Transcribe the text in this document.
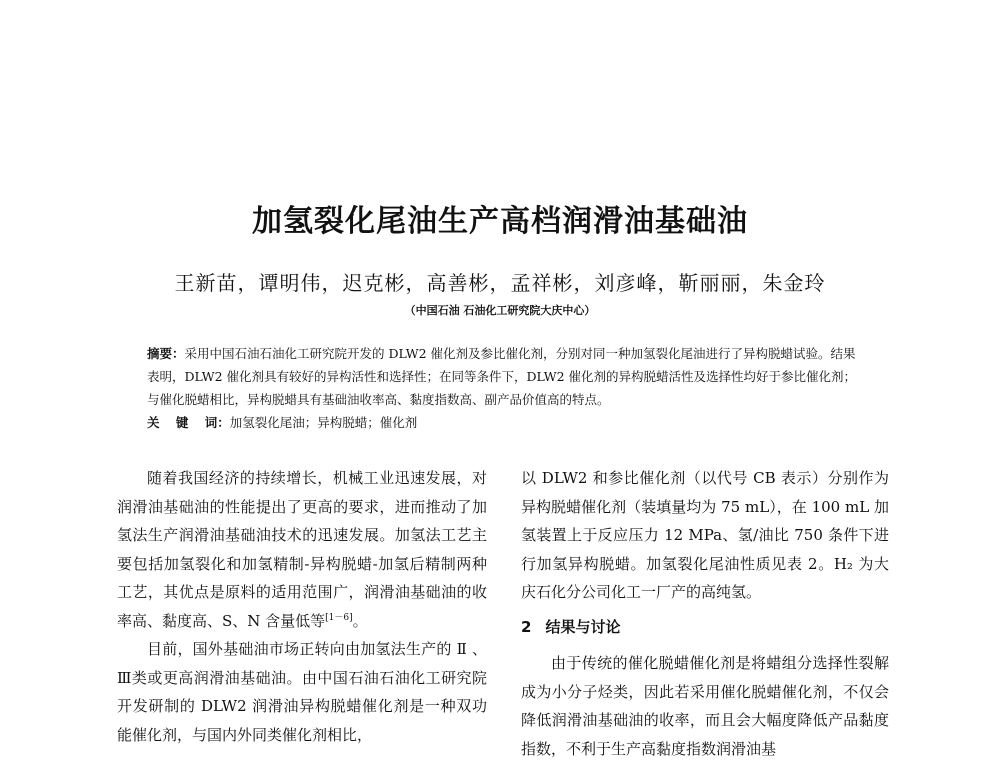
加氢裂化尾油生产高档润滑油基础油
王新苗，谭明伟，迟克彬，高善彬，孟祥彬，刘彦峰，靳丽丽，朱金玲
（中国石油 石油化工研究院大庆中心）
摘要：采用中国石油石油化工研究院开发的 DLW2 催化剂及参比催化剂，分别对同一种加氢裂化尾油进行了异构脱蜡试验。结果表明，DLW2 催化剂具有较好的异构活性和选择性；在同等条件下，DLW2 催化剂的异构脱蜡活性及选择性均好于参比催化剂；与催化脱蜡相比，异构脱蜡具有基础油收率高、黏度指数高、副产品价值高的特点。
关 键 词：加氢裂化尾油；异构脱蜡；催化剂

随着我国经济的持续增长，机械工业迅速发展，对润滑油基础油的性能提出了更高的要求，进而推动了加氢法生产润滑油基础油技术的迅速发展。加氢法工艺主要包括加氢裂化和加氢精制-异构脱蜡-加氢后精制两种工艺，其优点是原料的适用范围广，润滑油基础油的收率高、黏度高、S、N 含量低等[1－6]。

目前，国外基础油市场正转向由加氢法生产的 Ⅱ 、Ⅲ类或更高润滑油基础油。由中国石油石油化工研究院开发研制的 DLW2 润滑油异构脱蜡催化剂是一种双功能催化剂，与国内外同类催化剂相比，

以 DLW2 和参比催化剂（以代号 CB 表示）分别作为异构脱蜡催化剂（装填量均为 75 mL），在 100 mL 加氢装置上于反应压力 12 MPa、氢/油比 750 条件下进行加氢异构脱蜡。加氢裂化尾油性质见表 2。H₂ 为大庆石化分公司化工一厂产的高纯氢。

2 结果与讨论

由于传统的催化脱蜡催化剂是将蜡组分选择性裂解成为小分子烃类，因此若采用催化脱蜡催化剂，不仅会降低润滑油基础油的收率，而且会大幅度降低产品黏度指数，不利于生产高黏度指数润滑油基
